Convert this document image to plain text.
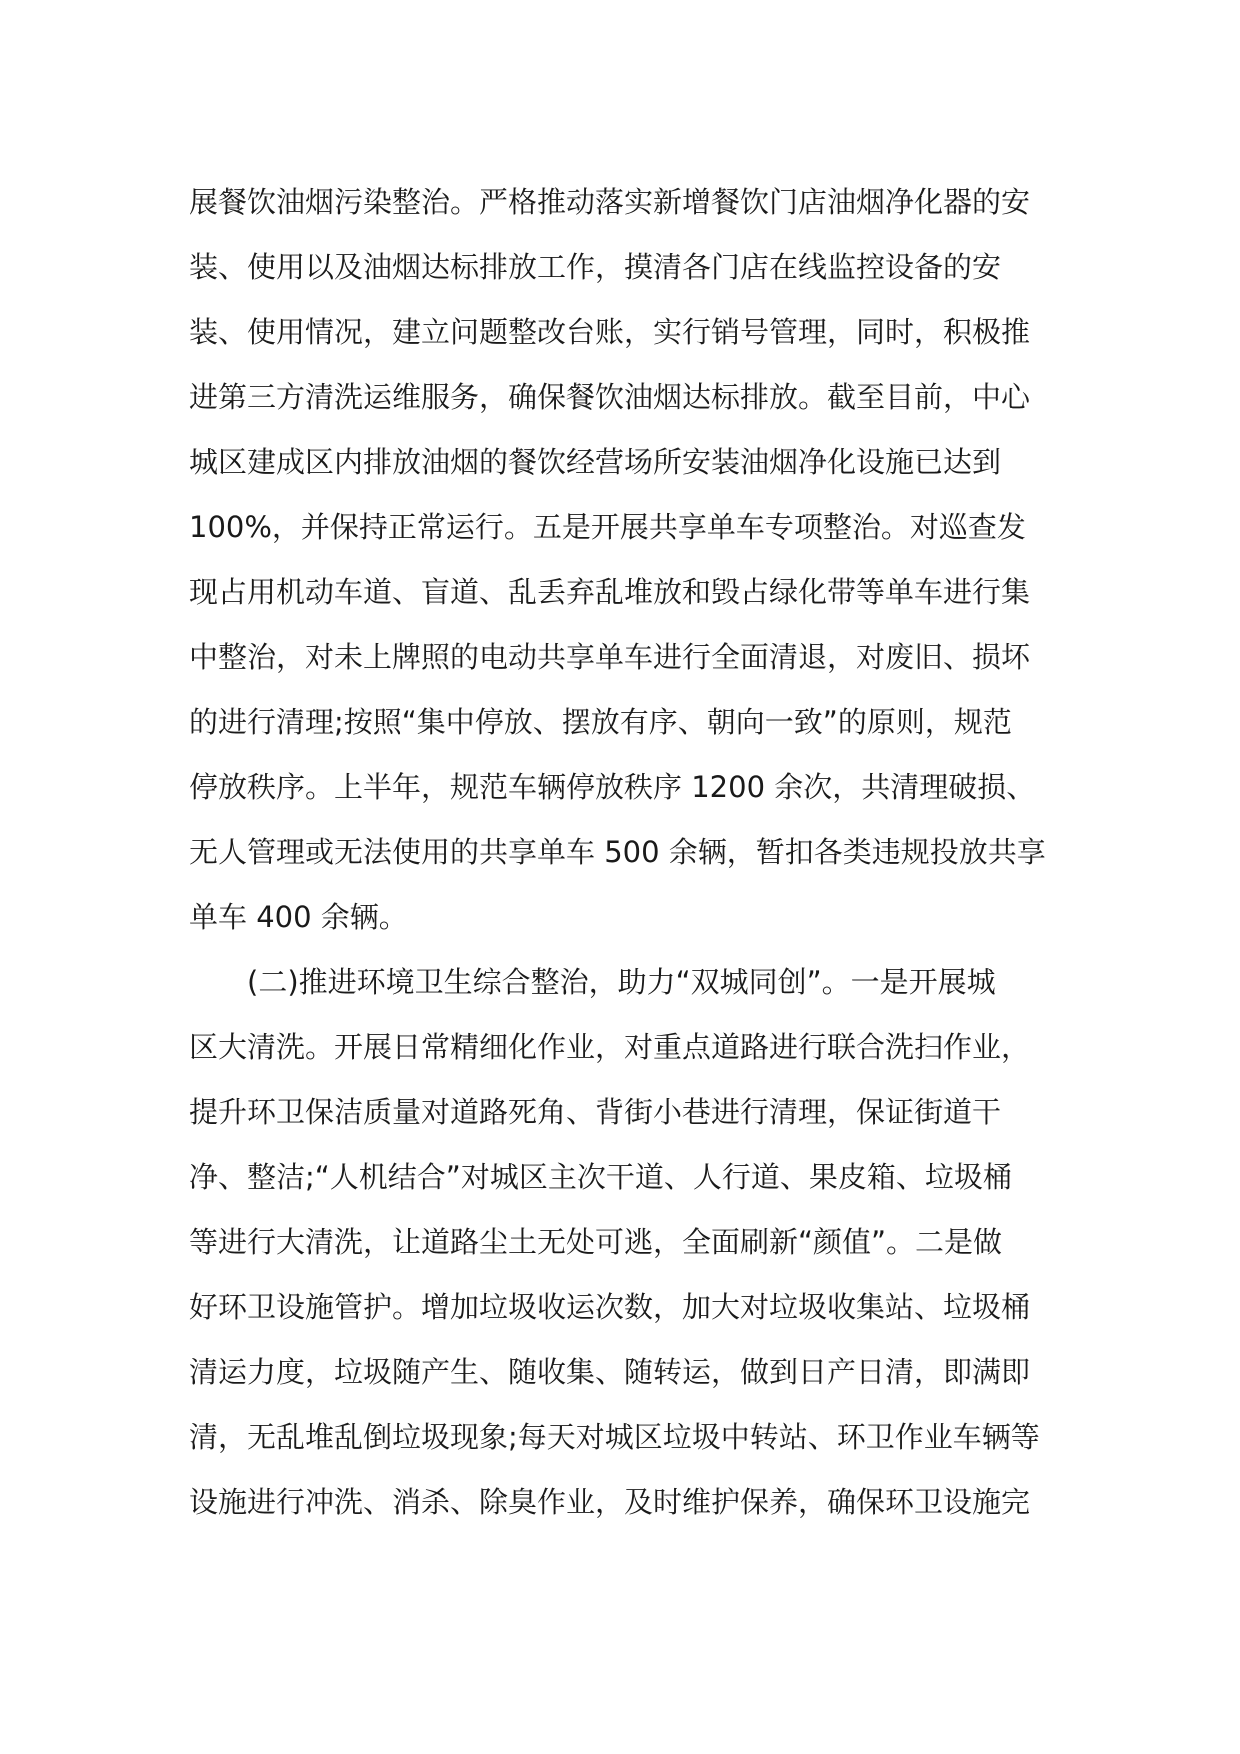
展餐饮油烟污染整治。严格推动落实新增餐饮门店油烟净化器的安
装、使用以及油烟达标排放工作，摸清各门店在线监控设备的安
装、使用情况，建立问题整改台账，实行销号管理，同时，积极推
进第三方清洗运维服务，确保餐饮油烟达标排放。截至目前，中心
城区建成区内排放油烟的餐饮经营场所安装油烟净化设施已达到
100%，并保持正常运行。五是开展共享单车专项整治。对巡查发
现占用机动车道、盲道、乱丢弃乱堆放和毁占绿化带等单车进行集
中整治，对未上牌照的电动共享单车进行全面清退，对废旧、损坏
的进行清理;按照“集中停放、摆放有序、朝向一致”的原则，规范
停放秩序。上半年，规范车辆停放秩序 1200 余次，共清理破损、
无人管理或无法使用的共享单车 500 余辆，暂扣各类违规投放共享
单车 400 余辆。
(二)推进环境卫生综合整治，助力“双城同创”。一是开展城
区大清洗。开展日常精细化作业，对重点道路进行联合洗扫作业，
提升环卫保洁质量对道路死角、背街小巷进行清理，保证街道干
净、整洁;“人机结合”对城区主次干道、人行道、果皮箱、垃圾桶
等进行大清洗，让道路尘土无处可逃，全面刷新“颜值”。二是做
好环卫设施管护。增加垃圾收运次数，加大对垃圾收集站、垃圾桶
清运力度，垃圾随产生、随收集、随转运，做到日产日清，即满即
清，无乱堆乱倒垃圾现象;每天对城区垃圾中转站、环卫作业车辆等
设施进行冲洗、消杀、除臭作业，及时维护保养，确保环卫设施完
